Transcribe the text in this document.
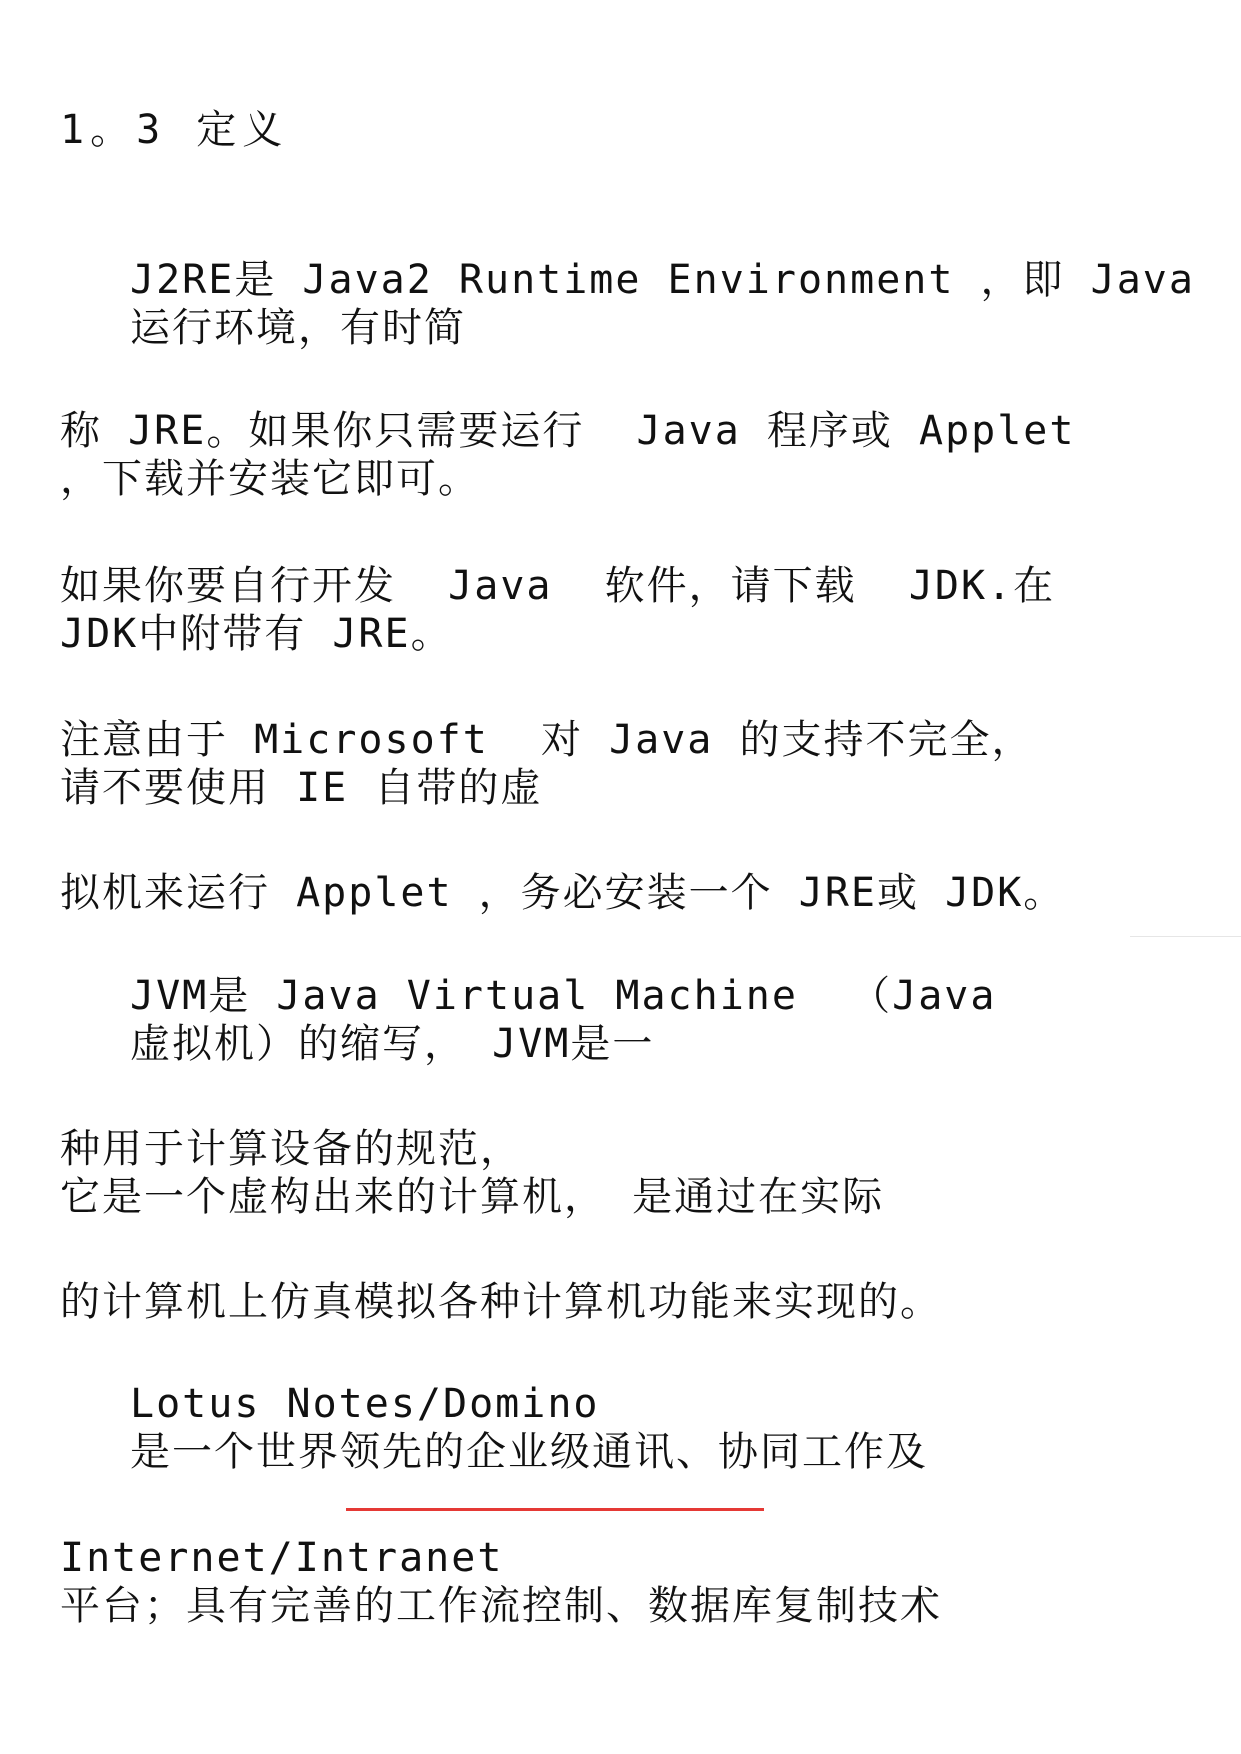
1。3 定义
J2RE是 Java2 Runtime Environment ，即 Java
运行环境，有时简
称 JRE。如果你只需要运行  Java 程序或 Applet
，下载并安装它即可。
如果你要自行开发  Java  软件，请下载  JDK.在
JDK中附带有 JRE。
注意由于 Microsoft  对 Java 的支持不完全，
请不要使用 IE 自带的虚
拟机来运行 Applet ，务必安装一个 JRE或 JDK。
JVM是 Java Virtual Machine  （Java
虚拟机）的缩写， JVM是一
种用于计算设备的规范，
它是一个虚构出来的计算机， 是通过在实际
的计算机上仿真模拟各种计算机功能来实现的。
Lotus Notes/Domino
是一个世界领先的企业级通讯、协同工作及
Internet/Intranet
平台；具有完善的工作流控制、数据库复制技术
